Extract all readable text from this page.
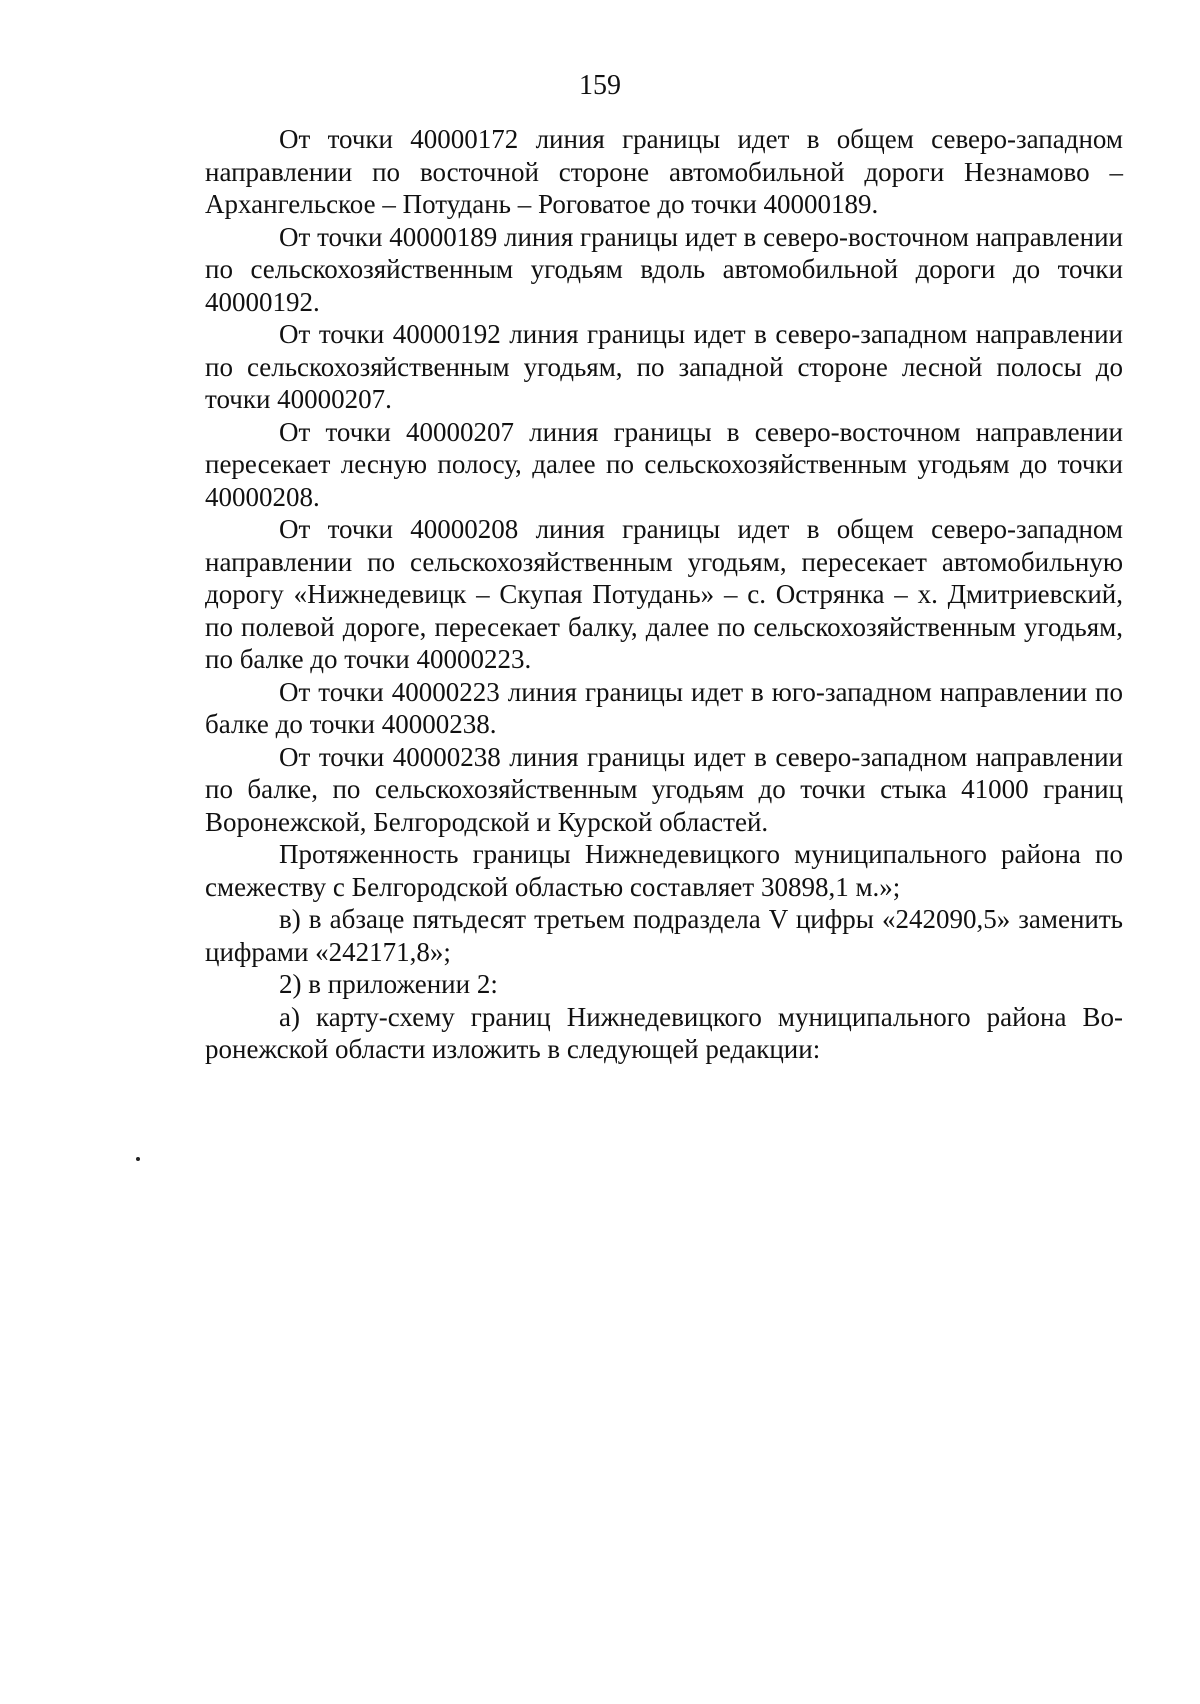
159

От точки 40000172 линия границы идет в общем северо-западном направлении по восточной стороне автомобильной дороги Незнамово – Архангельское – Потудань – Роговатое до точки 40000189.

От точки 40000189 линия границы идет в северо-восточном направлении по сельскохозяйственным угодьям вдоль автомобильной дороги до точки 40000192.

От точки 40000192 линия границы идет в северо-западном направлении по сельскохозяйственным угодьям, по западной стороне лесной полосы до точки 40000207.

От точки 40000207 линия границы в северо-восточном направлении пересекает лесную полосу, далее по сельскохозяйственным угодьям до точки 40000208.

От точки 40000208 линия границы идет в общем северо-западном направлении по сельскохозяйственным угодьям, пересекает автомобильную дорогу «Нижнедевицк – Скупая Потудань» – с. Острянка – х. Дмитриевский, по полевой дороге, пересекает балку, далее по сельскохозяйственным угодьям, по балке до точки 40000223.

От точки 40000223 линия границы идет в юго-западном направлении по балке до точки 40000238.

От точки 40000238 линия границы идет в северо-западном направлении по балке, по сельскохозяйственным угодьям до точки стыка 41000 границ Воронежской, Белгородской и Курской областей.

Протяженность границы Нижнедевицкого муниципального района по смежеству с Белгородской областью составляет 30898,1 м.»;

в) в абзаце пятьдесят третьем подраздела V цифры «242090,5» заменить цифрами «242171,8»;

2) в приложении 2:

а) карту-схему границ Нижнедевицкого муниципального района Воронежской области изложить в следующей редакции:
